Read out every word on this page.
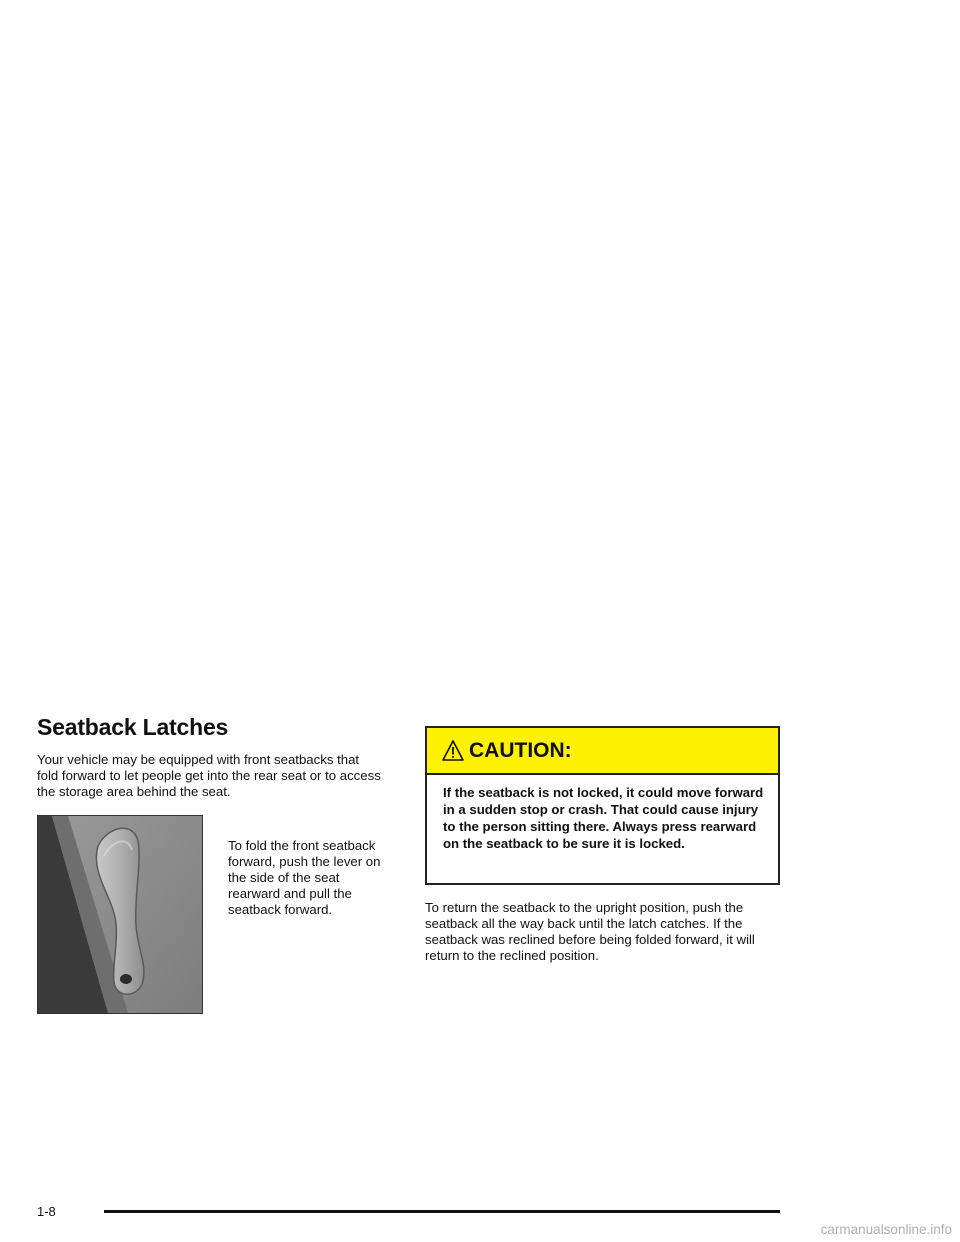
Seatback Latches

Your vehicle may be equipped with front seatbacks that fold forward to let people get into the rear seat or to access the storage area behind the seat.

To fold the front seatback forward, push the lever on the side of the seat rearward and pull the seatback forward.

CAUTION:

If the seatback is not locked, it could move forward in a sudden stop or crash. That could cause injury to the person sitting there. Always press rearward on the seatback to be sure it is locked.

To return the seatback to the upright position, push the seatback all the way back until the latch catches. If the seatback was reclined before being folded forward, it will return to the reclined position.

1-8

carmanualsonline.info
